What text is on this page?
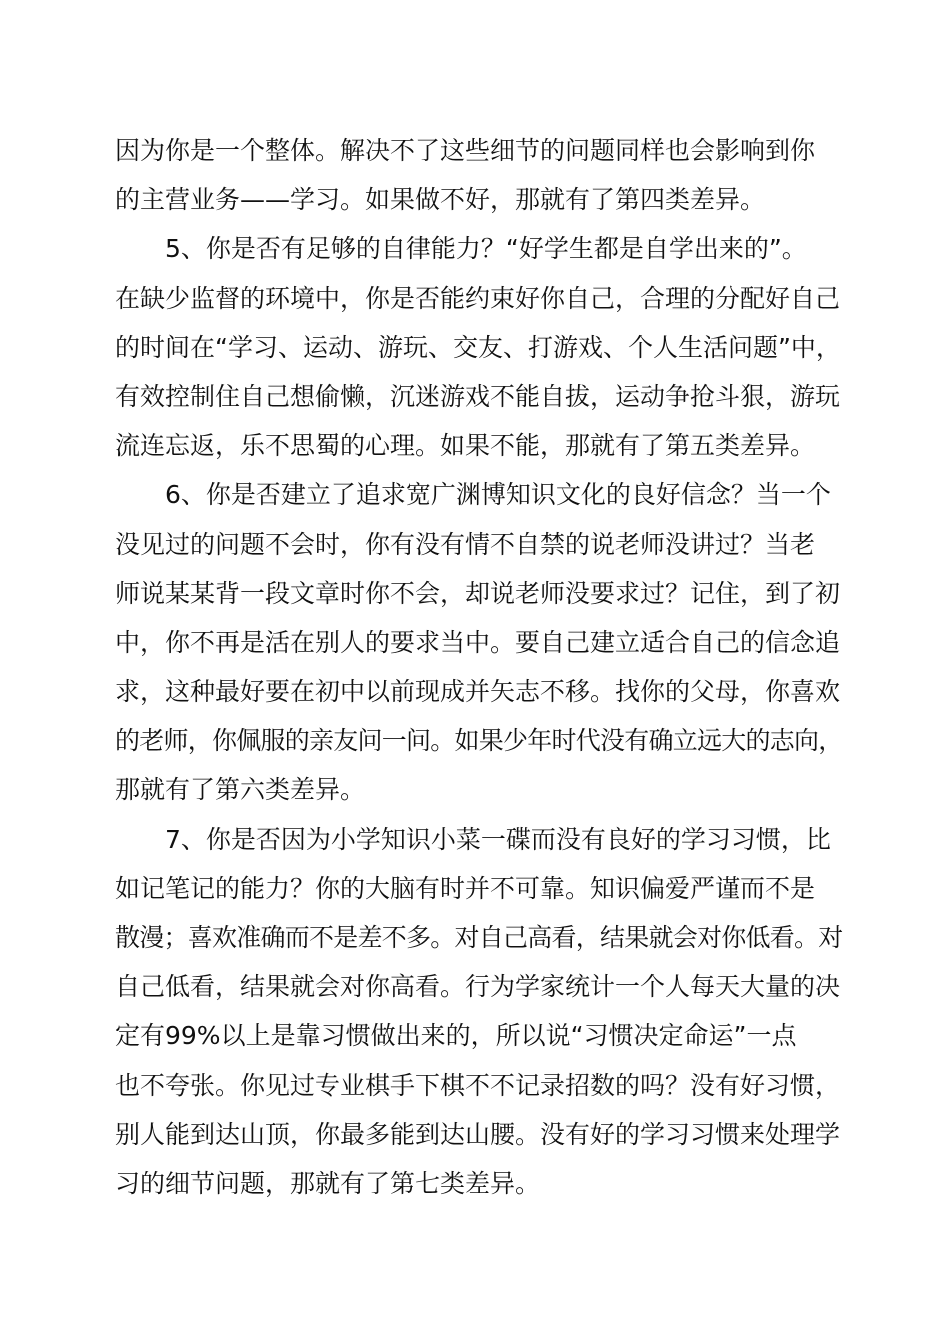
因为你是一个整体。解决不了这些细节的问题同样也会影响到你
的主营业务——学习。如果做不好，那就有了第四类差异。
　　5、你是否有足够的自律能力？“好学生都是自学出来的”。
在缺少监督的环境中，你是否能约束好你自己，合理的分配好自己
的时间在“学习、运动、游玩、交友、打游戏、个人生活问题”中，
有效控制住自己想偷懒，沉迷游戏不能自拔，运动争抢斗狠，游玩
流连忘返，乐不思蜀的心理。如果不能，那就有了第五类差异。
　　6、你是否建立了追求宽广渊博知识文化的良好信念？当一个
没见过的问题不会时，你有没有情不自禁的说老师没讲过？当老
师说某某背一段文章时你不会，却说老师没要求过？记住，到了初
中，你不再是活在别人的要求当中。要自己建立适合自己的信念追
求，这种最好要在初中以前现成并矢志不移。找你的父母，你喜欢
的老师，你佩服的亲友问一问。如果少年时代没有确立远大的志向，
那就有了第六类差异。
　　7、你是否因为小学知识小菜一碟而没有良好的学习习惯，比
如记笔记的能力？你的大脑有时并不可靠。知识偏爱严谨而不是
散漫；喜欢准确而不是差不多。对自己高看，结果就会对你低看。对
自己低看，结果就会对你高看。行为学家统计一个人每天大量的决
定有99%以上是靠习惯做出来的，所以说“习惯决定命运”一点
也不夸张。你见过专业棋手下棋不不记录招数的吗？没有好习惯，
别人能到达山顶，你最多能到达山腰。没有好的学习习惯来处理学
习的细节问题，那就有了第七类差异。
